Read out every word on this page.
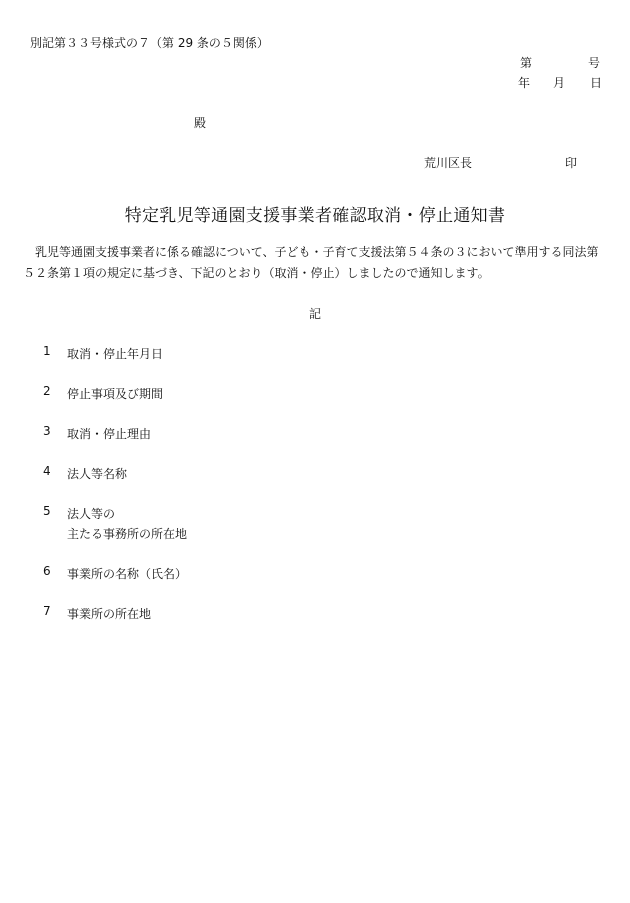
別記第３３号様式の７（第 29 条の５関係）
第	号
年 月 日
殿
荒川区長	印
特定乳児等通園支援事業者確認取消・停止通知書
乳児等通園支援事業者に係る確認について、子ども・子育て支援法第５４条の３において準用する同法第５２条第１項の規定に基づき、下記のとおり（取消・停止）しましたので通知します。
記
1	取消・停止年月日
2	停止事項及び期間
3	取消・停止理由
4	法人等名称
5	法人等の
主たる事務所の所在地
6	事業所の名称（氏名）
7	事業所の所在地
